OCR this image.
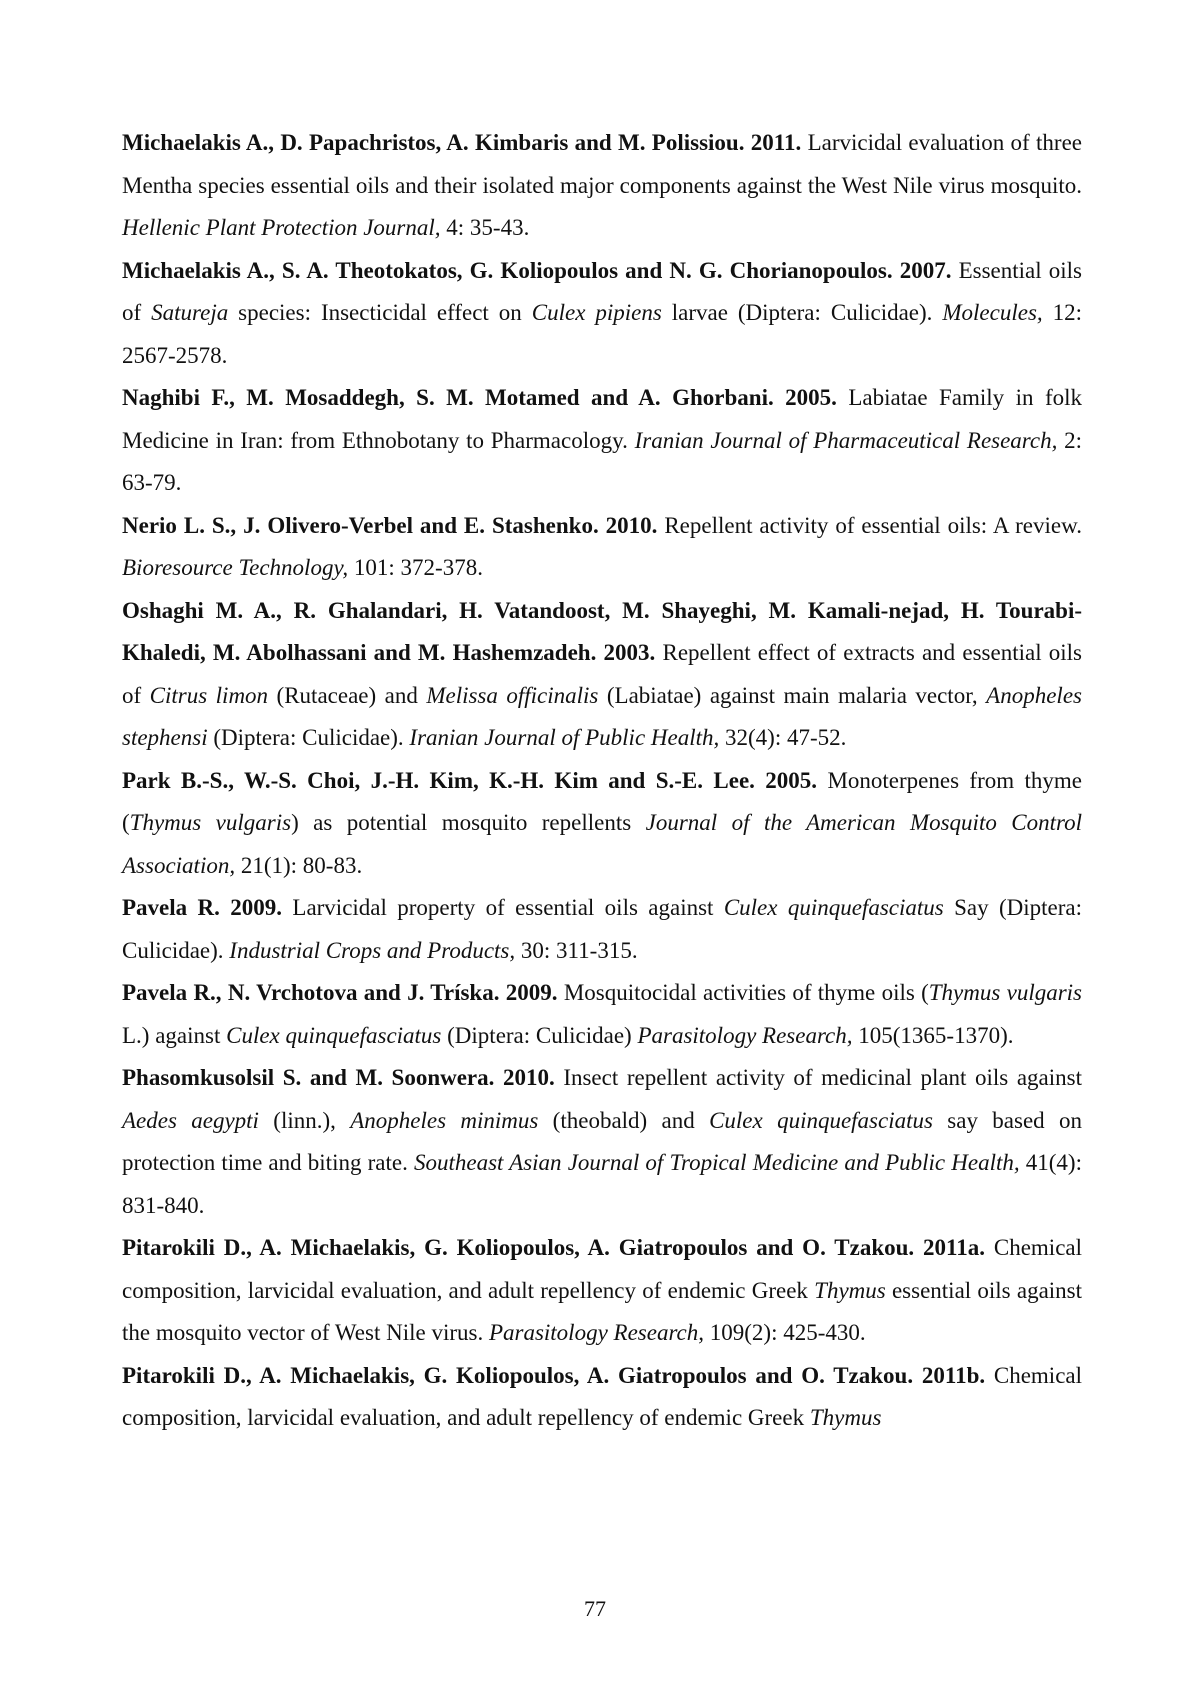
Michaelakis A., D. Papachristos, A. Kimbaris and M. Polissiou. 2011. Larvicidal evaluation of three Mentha species essential oils and their isolated major components against the West Nile virus mosquito. Hellenic Plant Protection Journal, 4: 35-43.

Michaelakis A., S. A. Theotokatos, G. Koliopoulos and N. G. Chorianopoulos. 2007. Essential oils of Satureja species: Insecticidal effect on Culex pipiens larvae (Diptera: Culicidae). Molecules, 12: 2567-2578.

Naghibi F., M. Mosaddegh, S. M. Motamed and A. Ghorbani. 2005. Labiatae Family in folk Medicine in Iran: from Ethnobotany to Pharmacology. Iranian Journal of Pharmaceutical Research, 2: 63-79.

Nerio L. S., J. Olivero-Verbel and E. Stashenko. 2010. Repellent activity of essential oils: A review. Bioresource Technology, 101: 372-378.

Oshaghi M. A., R. Ghalandari, H. Vatandoost, M. Shayeghi, M. Kamali-nejad, H. Tourabi-Khaledi, M. Abolhassani and M. Hashemzadeh. 2003. Repellent effect of extracts and essential oils of Citrus limon (Rutaceae) and Melissa officinalis (Labiatae) against main malaria vector, Anopheles stephensi (Diptera: Culicidae). Iranian Journal of Public Health, 32(4): 47-52.

Park B.-S., W.-S. Choi, J.-H. Kim, K.-H. Kim and S.-E. Lee. 2005. Monoterpenes from thyme (Thymus vulgaris) as potential mosquito repellents Journal of the American Mosquito Control Association, 21(1): 80-83.

Pavela R. 2009. Larvicidal property of essential oils against Culex quinquefasciatus Say (Diptera: Culicidae). Industrial Crops and Products, 30: 311-315.

Pavela R., N. Vrchotova and J. Tríska. 2009. Mosquitocidal activities of thyme oils (Thymus vulgaris L.) against Culex quinquefasciatus (Diptera: Culicidae) Parasitology Research, 105(1365-1370).

Phasomkusolsil S. and M. Soonwera. 2010. Insect repellent activity of medicinal plant oils against Aedes aegypti (linn.), Anopheles minimus (theobald) and Culex quinquefasciatus say based on protection time and biting rate. Southeast Asian Journal of Tropical Medicine and Public Health, 41(4): 831-840.

Pitarokili D., A. Michaelakis, G. Koliopoulos, A. Giatropoulos and O. Tzakou. 2011a. Chemical composition, larvicidal evaluation, and adult repellency of endemic Greek Thymus essential oils against the mosquito vector of West Nile virus. Parasitology Research, 109(2): 425-430.

Pitarokili D., A. Michaelakis, G. Koliopoulos, A. Giatropoulos and O. Tzakou. 2011b. Chemical composition, larvicidal evaluation, and adult repellency of endemic Greek Thymus

77
